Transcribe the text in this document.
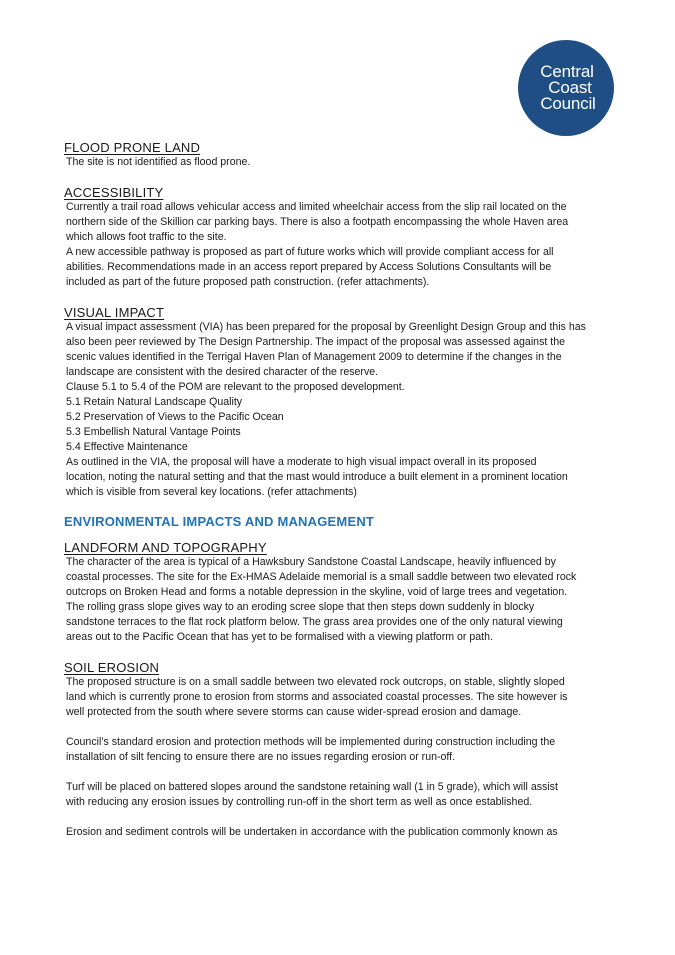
Central
Coast
Council
FLOOD PRONE LAND

The site is not identified as flood prone.

ACCESSIBILITY

Currently a trail road allows vehicular access and limited wheelchair access from the slip rail located on the

northern side of the Skillion car parking bays. There is also a footpath encompassing the whole Haven area

which allows foot traffic to the site.

A new accessible pathway is proposed as part of future works which will provide compliant access for all

abilities. Recommendations made in an access report prepared by Access Solutions Consultants will be

included as part of the future proposed path construction. (refer attachments).

VISUAL IMPACT

A visual impact assessment (VIA) has been prepared for the proposal by Greenlight Design Group and this has

also been peer reviewed by The Design Partnership. The impact of the proposal was assessed against the

scenic values identified in the Terrigal Haven Plan of Management 2009 to determine if the changes in the

landscape are consistent with the desired character of the reserve.

Clause 5.1 to 5.4 of the POM are relevant to the proposed development.

5.1 Retain Natural Landscape Quality

5.2 Preservation of Views to the Pacific Ocean

5.3 Embellish Natural Vantage Points

5.4 Effective Maintenance

As outlined in the VIA, the proposal will have a moderate to high visual impact overall in its proposed

location, noting the natural setting and that the mast would introduce a built element in a prominent location

which is visible from several key locations. (refer attachments)

ENVIRONMENTAL IMPACTS AND MANAGEMENT
LANDFORM AND TOPOGRAPHY

The character of the area is typical of a Hawksbury Sandstone Coastal Landscape, heavily influenced by

coastal processes. The site for the Ex-HMAS Adelaide memorial is a small saddle between two elevated rock

outcrops on Broken Head and forms a notable depression in the skyline, void of large trees and vegetation.

The rolling grass slope gives way to an eroding scree slope that then steps down suddenly in blocky

sandstone terraces to the flat rock platform below. The grass area provides one of the only natural viewing

areas out to the Pacific Ocean that has yet to be formalised with a viewing platform or path.

SOIL EROSION

The proposed structure is on a small saddle between two elevated rock outcrops, on stable, slightly sloped

land which is currently prone to erosion from storms and associated coastal processes. The site however is

well protected from the south where severe storms can cause wider-spread erosion and damage.

Council’s standard erosion and protection methods will be implemented during construction including the

installation of silt fencing to ensure there are no issues regarding erosion or run-off.

Turf will be placed on battered slopes around the sandstone retaining wall (1 in 5 grade), which will assist

with reducing any erosion issues by controlling run-off in the short term as well as once established.

Erosion and sediment controls will be undertaken in accordance with the publication commonly known as
